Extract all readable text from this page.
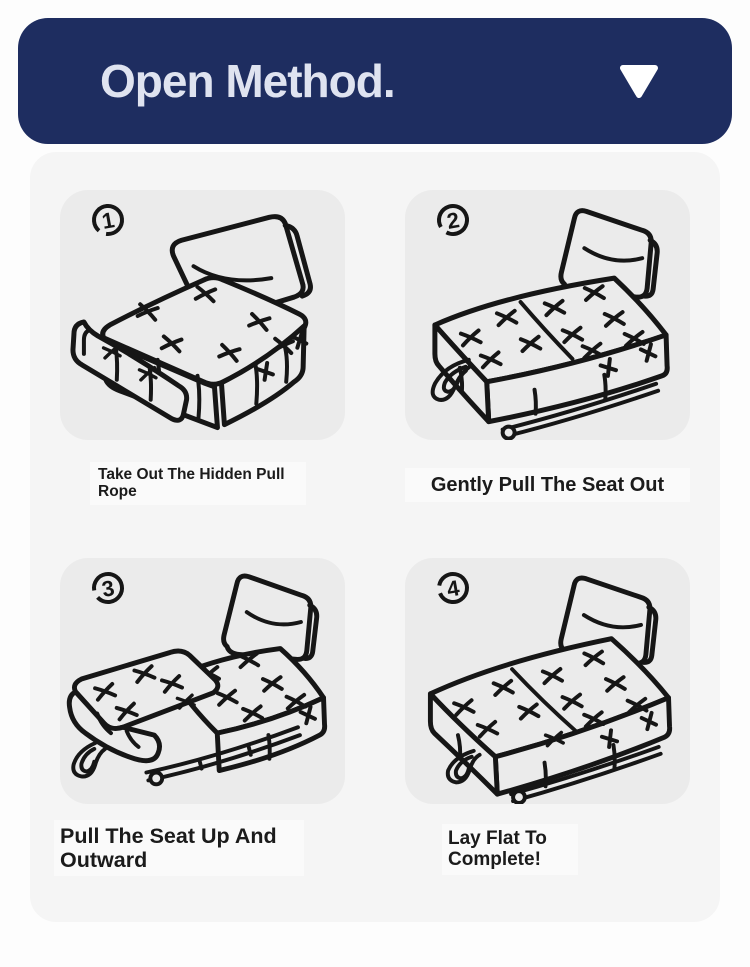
Open Method.
1	2
3	4
Take Out The Hidden Pull Rope	Gently Pull The Seat Out
Pull The Seat Up And Outward
Lay Flat To Complete!
